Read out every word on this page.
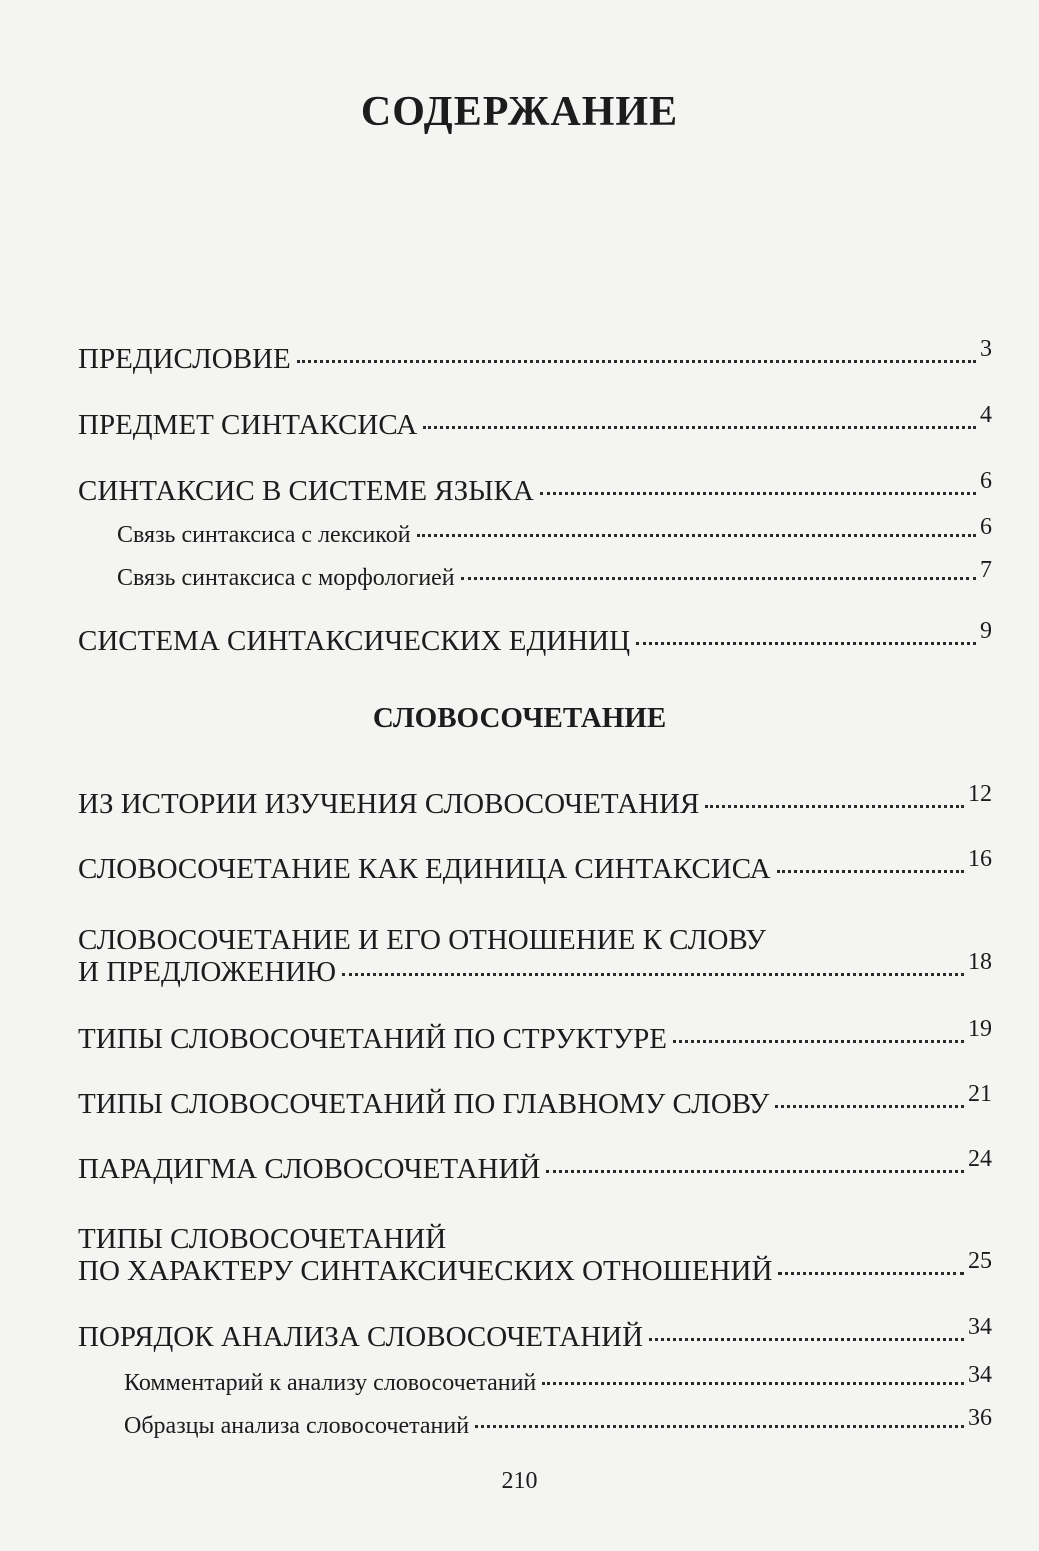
СОДЕРЖАНИЕ
ПРЕДИСЛОВИЕ	3
ПРЕДМЕТ СИНТАКСИСА	4
СИНТАКСИС В СИСТЕМЕ ЯЗЫКА	6
Связь синтаксиса с лексикой	6
Связь синтаксиса с морфологией	7
СИСТЕМА СИНТАКСИЧЕСКИХ ЕДИНИЦ	9
СЛОВОСОЧЕТАНИЕ
ИЗ ИСТОРИИ ИЗУЧЕНИЯ СЛОВОСОЧЕТАНИЯ	12
СЛОВОСОЧЕТАНИЕ КАК ЕДИНИЦА СИНТАКСИСА	16
СЛОВОСОЧЕТАНИЕ И ЕГО ОТНОШЕНИЕ К СЛОВУ
И ПРЕДЛОЖЕНИЮ	18
ТИПЫ СЛОВОСОЧЕТАНИЙ ПО СТРУКТУРЕ	19
ТИПЫ СЛОВОСОЧЕТАНИЙ ПО ГЛАВНОМУ СЛОВУ	21
ПАРАДИГМА СЛОВОСОЧЕТАНИЙ	24
ТИПЫ СЛОВОСОЧЕТАНИЙ
ПО ХАРАКТЕРУ СИНТАКСИЧЕСКИХ ОТНОШЕНИЙ	25
ПОРЯДОК АНАЛИЗА СЛОВОСОЧЕТАНИЙ	34
Комментарий к анализу словосочетаний	34
Образцы анализа словосочетаний	36
210
